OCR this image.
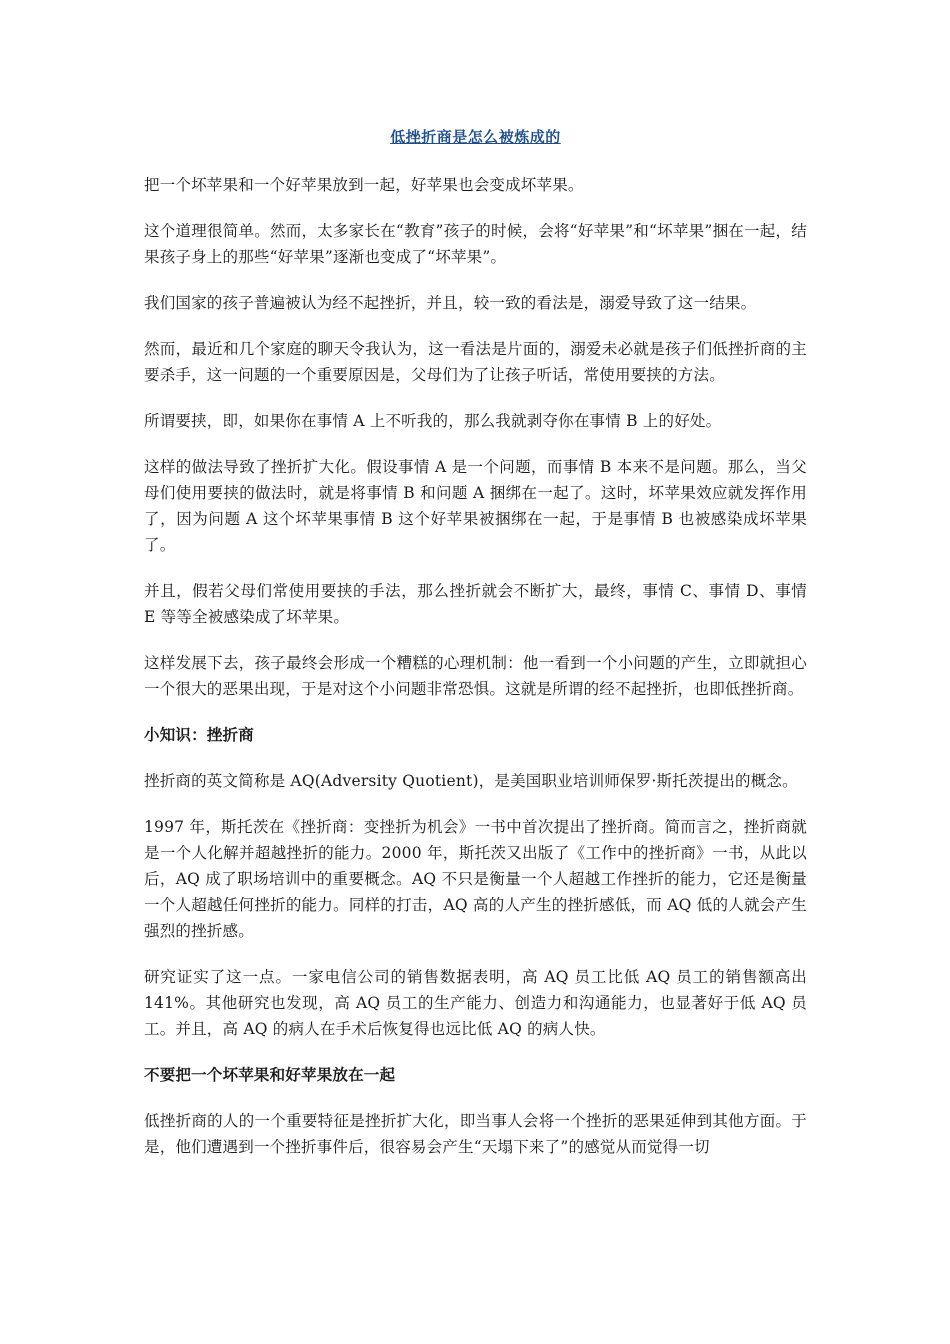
低挫折商是怎么被炼成的

把一个坏苹果和一个好苹果放到一起，好苹果也会变成坏苹果。

这个道理很简单。然而，太多家长在“教育”孩子的时候，会将“好苹果”和“坏苹果”捆在一起，结果孩子身上的那些“好苹果”逐渐也变成了“坏苹果”。

我们国家的孩子普遍被认为经不起挫折，并且，较一致的看法是，溺爱导致了这一结果。

然而，最近和几个家庭的聊天令我认为，这一看法是片面的，溺爱未必就是孩子们低挫折商的主要杀手，这一问题的一个重要原因是，父母们为了让孩子听话，常使用要挟的方法。

所谓要挟，即，如果你在事情 A 上不听我的，那么我就剥夺你在事情 B 上的好处。

这样的做法导致了挫折扩大化。假设事情 A 是一个问题，而事情 B 本来不是问题。那么，当父母们使用要挟的做法时，就是将事情 B 和问题 A 捆绑在一起了。这时，坏苹果效应就发挥作用了，因为问题 A 这个坏苹果事情 B 这个好苹果被捆绑在一起，于是事情 B 也被感染成坏苹果了。

并且，假若父母们常使用要挟的手法，那么挫折就会不断扩大，最终，事情 C、事情 D、事情 E 等等全被感染成了坏苹果。

这样发展下去，孩子最终会形成一个糟糕的心理机制：他一看到一个小问题的产生，立即就担心一个很大的恶果出现，于是对这个小问题非常恐惧。这就是所谓的经不起挫折，也即低挫折商。

小知识：挫折商

挫折商的英文简称是 AQ(Adversity Quotient)，是美国职业培训师保罗·斯托茨提出的概念。

1997 年，斯托茨在《挫折商：变挫折为机会》一书中首次提出了挫折商。简而言之，挫折商就是一个人化解并超越挫折的能力。2000 年，斯托茨又出版了《工作中的挫折商》一书，从此以后，AQ 成了职场培训中的重要概念。AQ 不只是衡量一个人超越工作挫折的能力，它还是衡量一个人超越任何挫折的能力。同样的打击，AQ 高的人产生的挫折感低，而 AQ 低的人就会产生强烈的挫折感。

研究证实了这一点。一家电信公司的销售数据表明，高 AQ 员工比低 AQ 员工的销售额高出 141%。其他研究也发现，高 AQ 员工的生产能力、创造力和沟通能力，也显著好于低 AQ 员工。并且，高 AQ 的病人在手术后恢复得也远比低 AQ 的病人快。

不要把一个坏苹果和好苹果放在一起

低挫折商的人的一个重要特征是挫折扩大化，即当事人会将一个挫折的恶果延伸到其他方面。于是，他们遭遇到一个挫折事件后，很容易会产生“天塌下来了”的感觉从而觉得一切
